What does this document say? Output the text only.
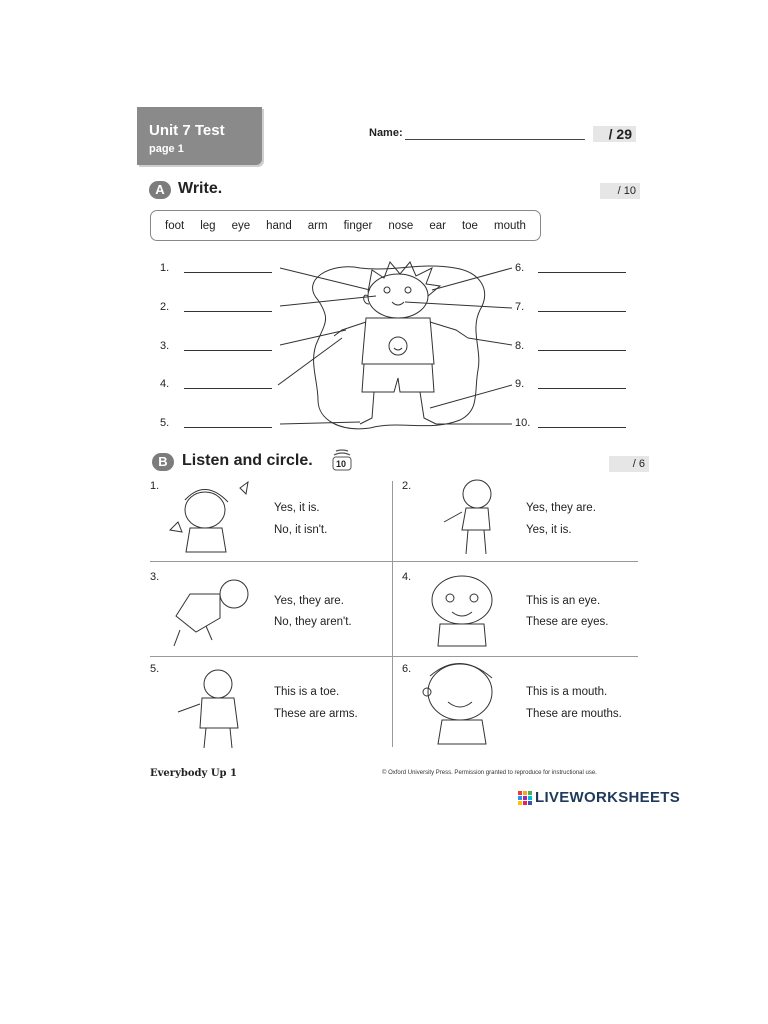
Unit 7 Test
page 1
Name:	/ 29
A Write.	/ 10
foot leg eye hand arm finger nose ear toe mouth
1.
2.
3.
4.
5.
6.
7.
8.
9.
10.
B Listen and circle.	10	/ 6
1.
Yes, it is.
No, it isn't.
2.
Yes, they are.
Yes, it is.
3.
Yes, they are.
No, they aren't.
4.
This is an eye.
These are eyes.
5.
This is a toe.
These are arms.
6.
This is a mouth.
These are mouths.
Everybody Up 1	© Oxford University Press. Permission granted to reproduce for instructional use.
LIVEWORKSHEETS
